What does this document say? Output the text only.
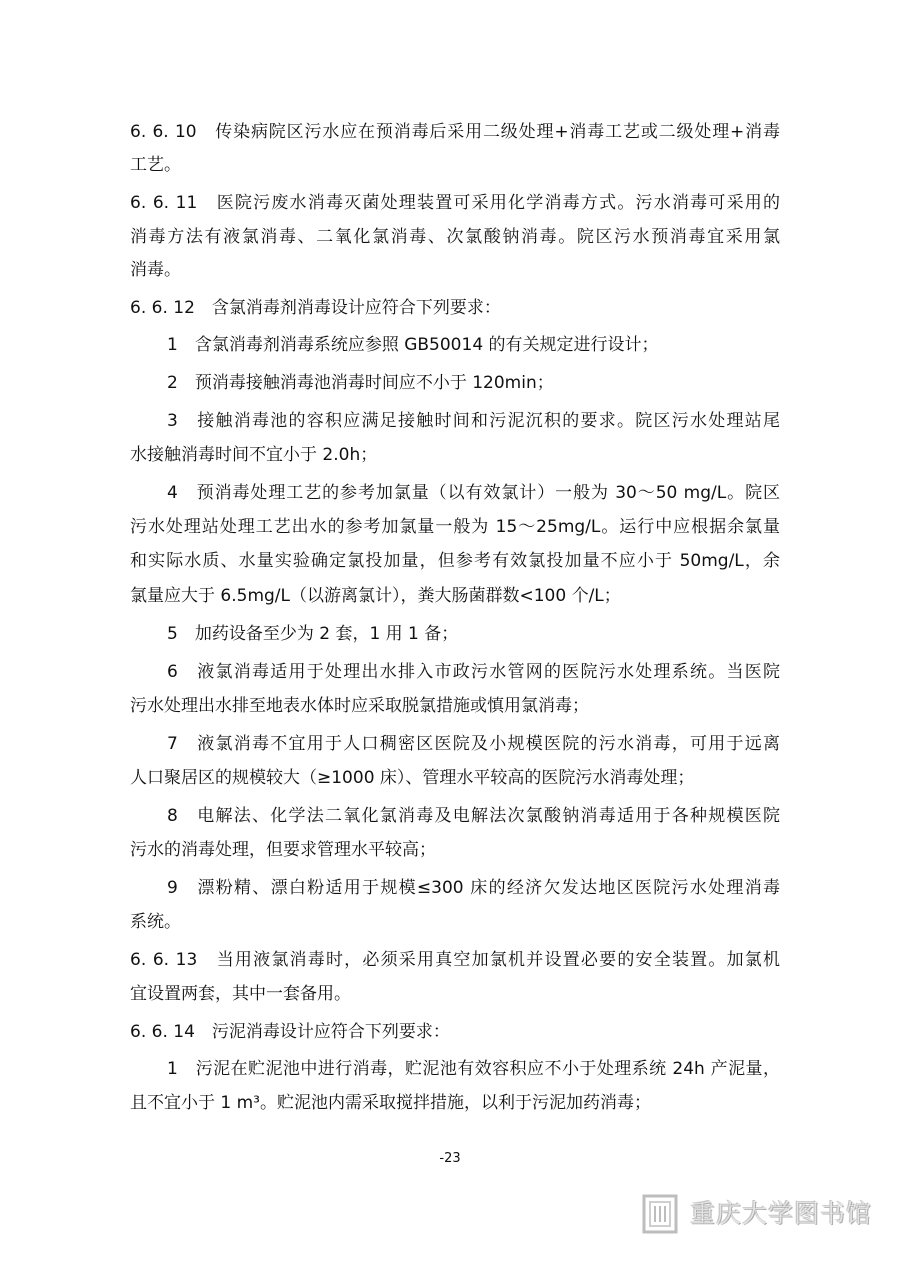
6. 6. 10　传染病院区污水应在预消毒后采用二级处理+消毒工艺或二级处理+消毒
工艺。
6. 6. 11　医院污废水消毒灭菌处理装置可采用化学消毒方式。污水消毒可采用的
消毒方法有液氯消毒、二氧化氯消毒、次氯酸钠消毒。院区污水预消毒宜采用氯
消毒。
6. 6. 12　含氯消毒剂消毒设计应符合下列要求：
1　含氯消毒剂消毒系统应参照 GB50014 的有关规定进行设计；
2　预消毒接触消毒池消毒时间应不小于 120min；
3　接触消毒池的容积应满足接触时间和污泥沉积的要求。院区污水处理站尾
水接触消毒时间不宜小于 2.0h；
4　预消毒处理工艺的参考加氯量（以有效氯计）一般为 30～50 mg/L。院区
污水处理站处理工艺出水的参考加氯量一般为 15～25mg/L。运行中应根据余氯量
和实际水质、水量实验确定氯投加量，但参考有效氯投加量不应小于 50mg/L，余
氯量应大于 6.5mg/L（以游离氯计），粪大肠菌群数<100 个/L；
5　加药设备至少为 2 套，1 用 1 备；
6　液氯消毒适用于处理出水排入市政污水管网的医院污水处理系统。当医院
污水处理出水排至地表水体时应采取脱氯措施或慎用氯消毒；
7　液氯消毒不宜用于人口稠密区医院及小规模医院的污水消毒，可用于远离
人口聚居区的规模较大（≥1000 床）、管理水平较高的医院污水消毒处理；
8　电解法、化学法二氧化氯消毒及电解法次氯酸钠消毒适用于各种规模医院
污水的消毒处理，但要求管理水平较高；
9　漂粉精、漂白粉适用于规模≤300 床的经济欠发达地区医院污水处理消毒
系统。
6. 6. 13　当用液氯消毒时，必须采用真空加氯机并设置必要的安全装置。加氯机
宜设置两套，其中一套备用。
6. 6. 14　污泥消毒设计应符合下列要求：
1　污泥在贮泥池中进行消毒，贮泥池有效容积应不小于处理系统 24h 产泥量，
且不宜小于 1 m³。贮泥池内需采取搅拌措施，以利于污泥加药消毒；
-23
重庆大学图书馆
